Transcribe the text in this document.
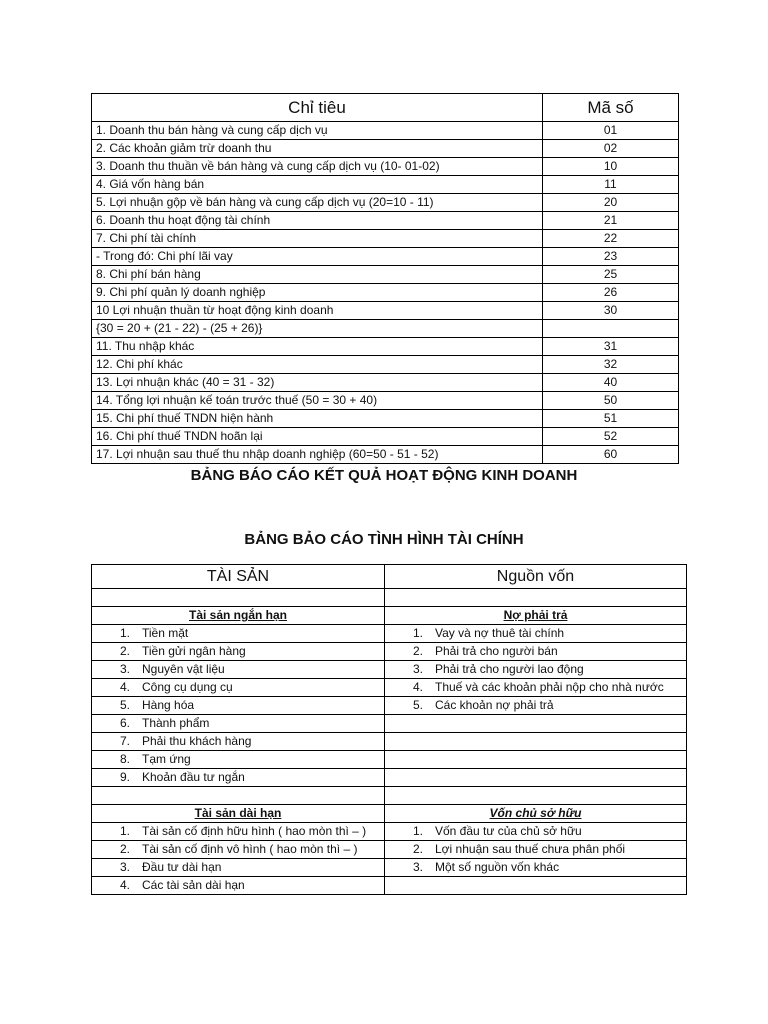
Chỉ tiêu	Mã số
1. Doanh thu bán hàng và cung cấp dịch vụ	01
2. Các khoản giảm trừ doanh thu	02
3. Doanh thu thuần về bán hàng và cung cấp dịch vụ (10- 01-02)	10
4. Giá vốn hàng bán	11
5. Lợi nhuận gộp về bán hàng và cung cấp dịch vụ (20=10 - 11)	20
6. Doanh thu hoạt động tài chính	21
7. Chi phí tài chính	22
- Trong đó: Chi phí lãi vay	23
8. Chi phí bán hàng	25
9. Chi phí quản lý doanh nghiệp	26
10 Lợi nhuận thuần từ hoạt động kinh doanh	30
{30 = 20 + (21 - 22) - (25 + 26)}	
11. Thu nhập khác	31
12. Chi phí khác	32
13. Lợi nhuận khác (40 = 31 - 32)	40
14. Tổng lợi nhuận kế toán trước thuế (50 = 30 + 40)	50
15. Chi phí thuế TNDN hiện hành	51
16. Chi phí thuế TNDN hoãn lại	52
17. Lợi nhuận sau thuế thu nhập doanh nghiệp (60=50 - 51 - 52)	60
BẢNG BÁO CÁO KẾT QUẢ HOẠT ĐỘNG KINH DOANH
BẢNG BẢO CÁO TÌNH HÌNH TÀI CHÍNH
TÀI SẢN	Nguồn vốn

Tài sản ngắn hạn	Nợ phải trả
1. Tiền mặt	1. Vay và nợ thuê tài chính
2. Tiền gửi ngân hàng	2. Phải trả cho người bán
3. Nguyên vật liệu	3. Phải trả cho người lao động
4. Công cụ dụng cụ	4. Thuế và các khoản phải nộp cho nhà nước
5. Hàng hóa	5. Các khoản nợ phải trả
6. Thành phẩm	
7. Phải thu khách hàng	
8. Tạm ứng	
9. Khoản đầu tư ngắn	

Tài sản dài hạn	Vốn chủ sở hữu
1. Tài sản cố định hữu hình ( hao mòn thì – )	1. Vốn đầu tư của chủ sở hữu
2. Tài sản cố định vô hình ( hao mòn thì – )	2. Lợi nhuận sau thuế chưa phân phối
3. Đầu tư dài hạn	3. Một số nguồn vốn khác
4. Các tài sản dài hạn	
